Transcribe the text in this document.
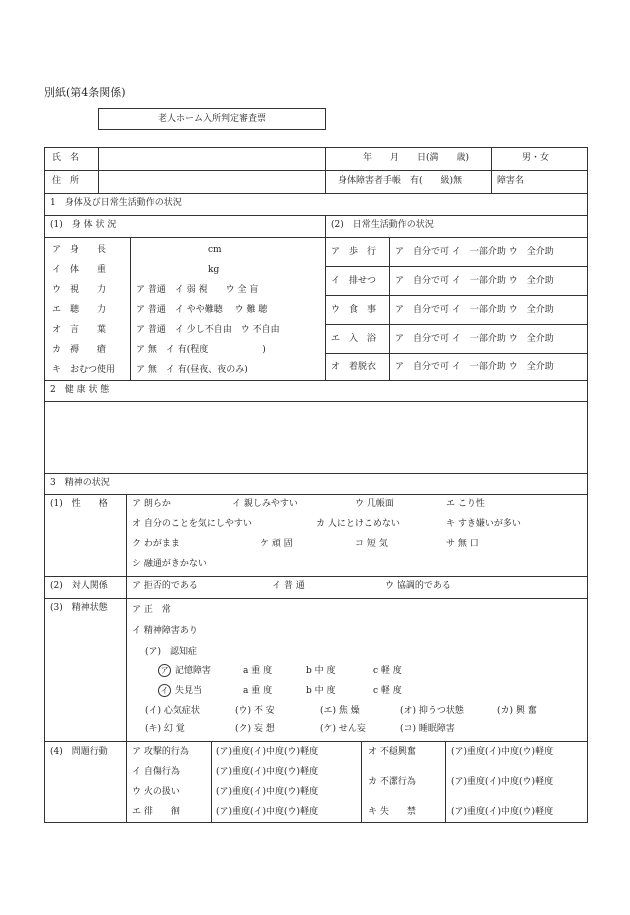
別紙(第4条関係)
老人ホーム入所判定審査票
氏　名	年　　月　　日(満　　歳)	男・女
住　所	身体障害者手帳　有(　　級)無	障害名
1　身体及び日常生活動作の状況
(1)　身 体 状 況	(2)　日常生活動作の状況
ア　身　　長	cm
イ　体　　重	kg
ウ　視　　力	ア 普通　イ 弱 視　　ウ 全 盲
エ　聴　　力	ア 普通　イ やや難聴　 ウ 難 聴
オ　言　　葉	ア 普通　イ 少し不自由　ウ 不自由
カ　褥　　瘡	ア 無　イ 有(程度　　　　　　)
キ　おむつ使用 ア 無　イ 有(昼夜、夜のみ)
ア　歩　行 ア　自分で可 イ　一部介助 ウ　全介助
イ　排せつ ア　自分で可 イ　一部介助 ウ　全介助
ウ　食　事 ア　自分で可 イ　一部介助 ウ　全介助
エ　入　浴 ア　自分で可 イ　一部介助 ウ　全介助
オ　着脱衣 ア　自分で可 イ　一部介助 ウ　全介助
2　健 康 状 態
3　精神の状況
(1)　性　　格	ア 朗らか	イ 親しみやすい	ウ 几帳面	エ こり性
オ 自分のことを気にしやすい	カ 人にとけこめない	キ すき嫌いが多い
ク わがまま	ケ 頑 固	コ 短 気	サ 無 口
シ 融通がきかない
(2)　対人関係	ア 拒否的である	イ 普 通	ウ 協調的である
(3)　精神状態	ア 正　常
イ 精神障害あり
(ア)　認知症
ア 記憶障害	a 重 度	b 中 度	c 軽 度
イ 失見当	a 重 度	b 中 度	c 軽 度
(イ) 心気症状	(ウ) 不 安	(エ) 焦 燥	(オ) 抑うつ状態	(カ) 興 奮
(キ) 幻 覚	(ク) 妄 想	(ケ) せん妄	(コ) 睡眠障害
(4)　問題行動	ア 攻撃的行為	(ア)重度(イ)中度(ウ)軽度
イ 自傷行為	(ア)重度(イ)中度(ウ)軽度
ウ 火の扱い	(ア)重度(イ)中度(ウ)軽度
エ 徘　　徊	(ア)重度(イ)中度(ウ)軽度
オ 不穏興奮	(ア)重度(イ)中度(ウ)軽度
カ 不潔行為	(ア)重度(イ)中度(ウ)軽度
キ 失　　禁	(ア)重度(イ)中度(ウ)軽度
